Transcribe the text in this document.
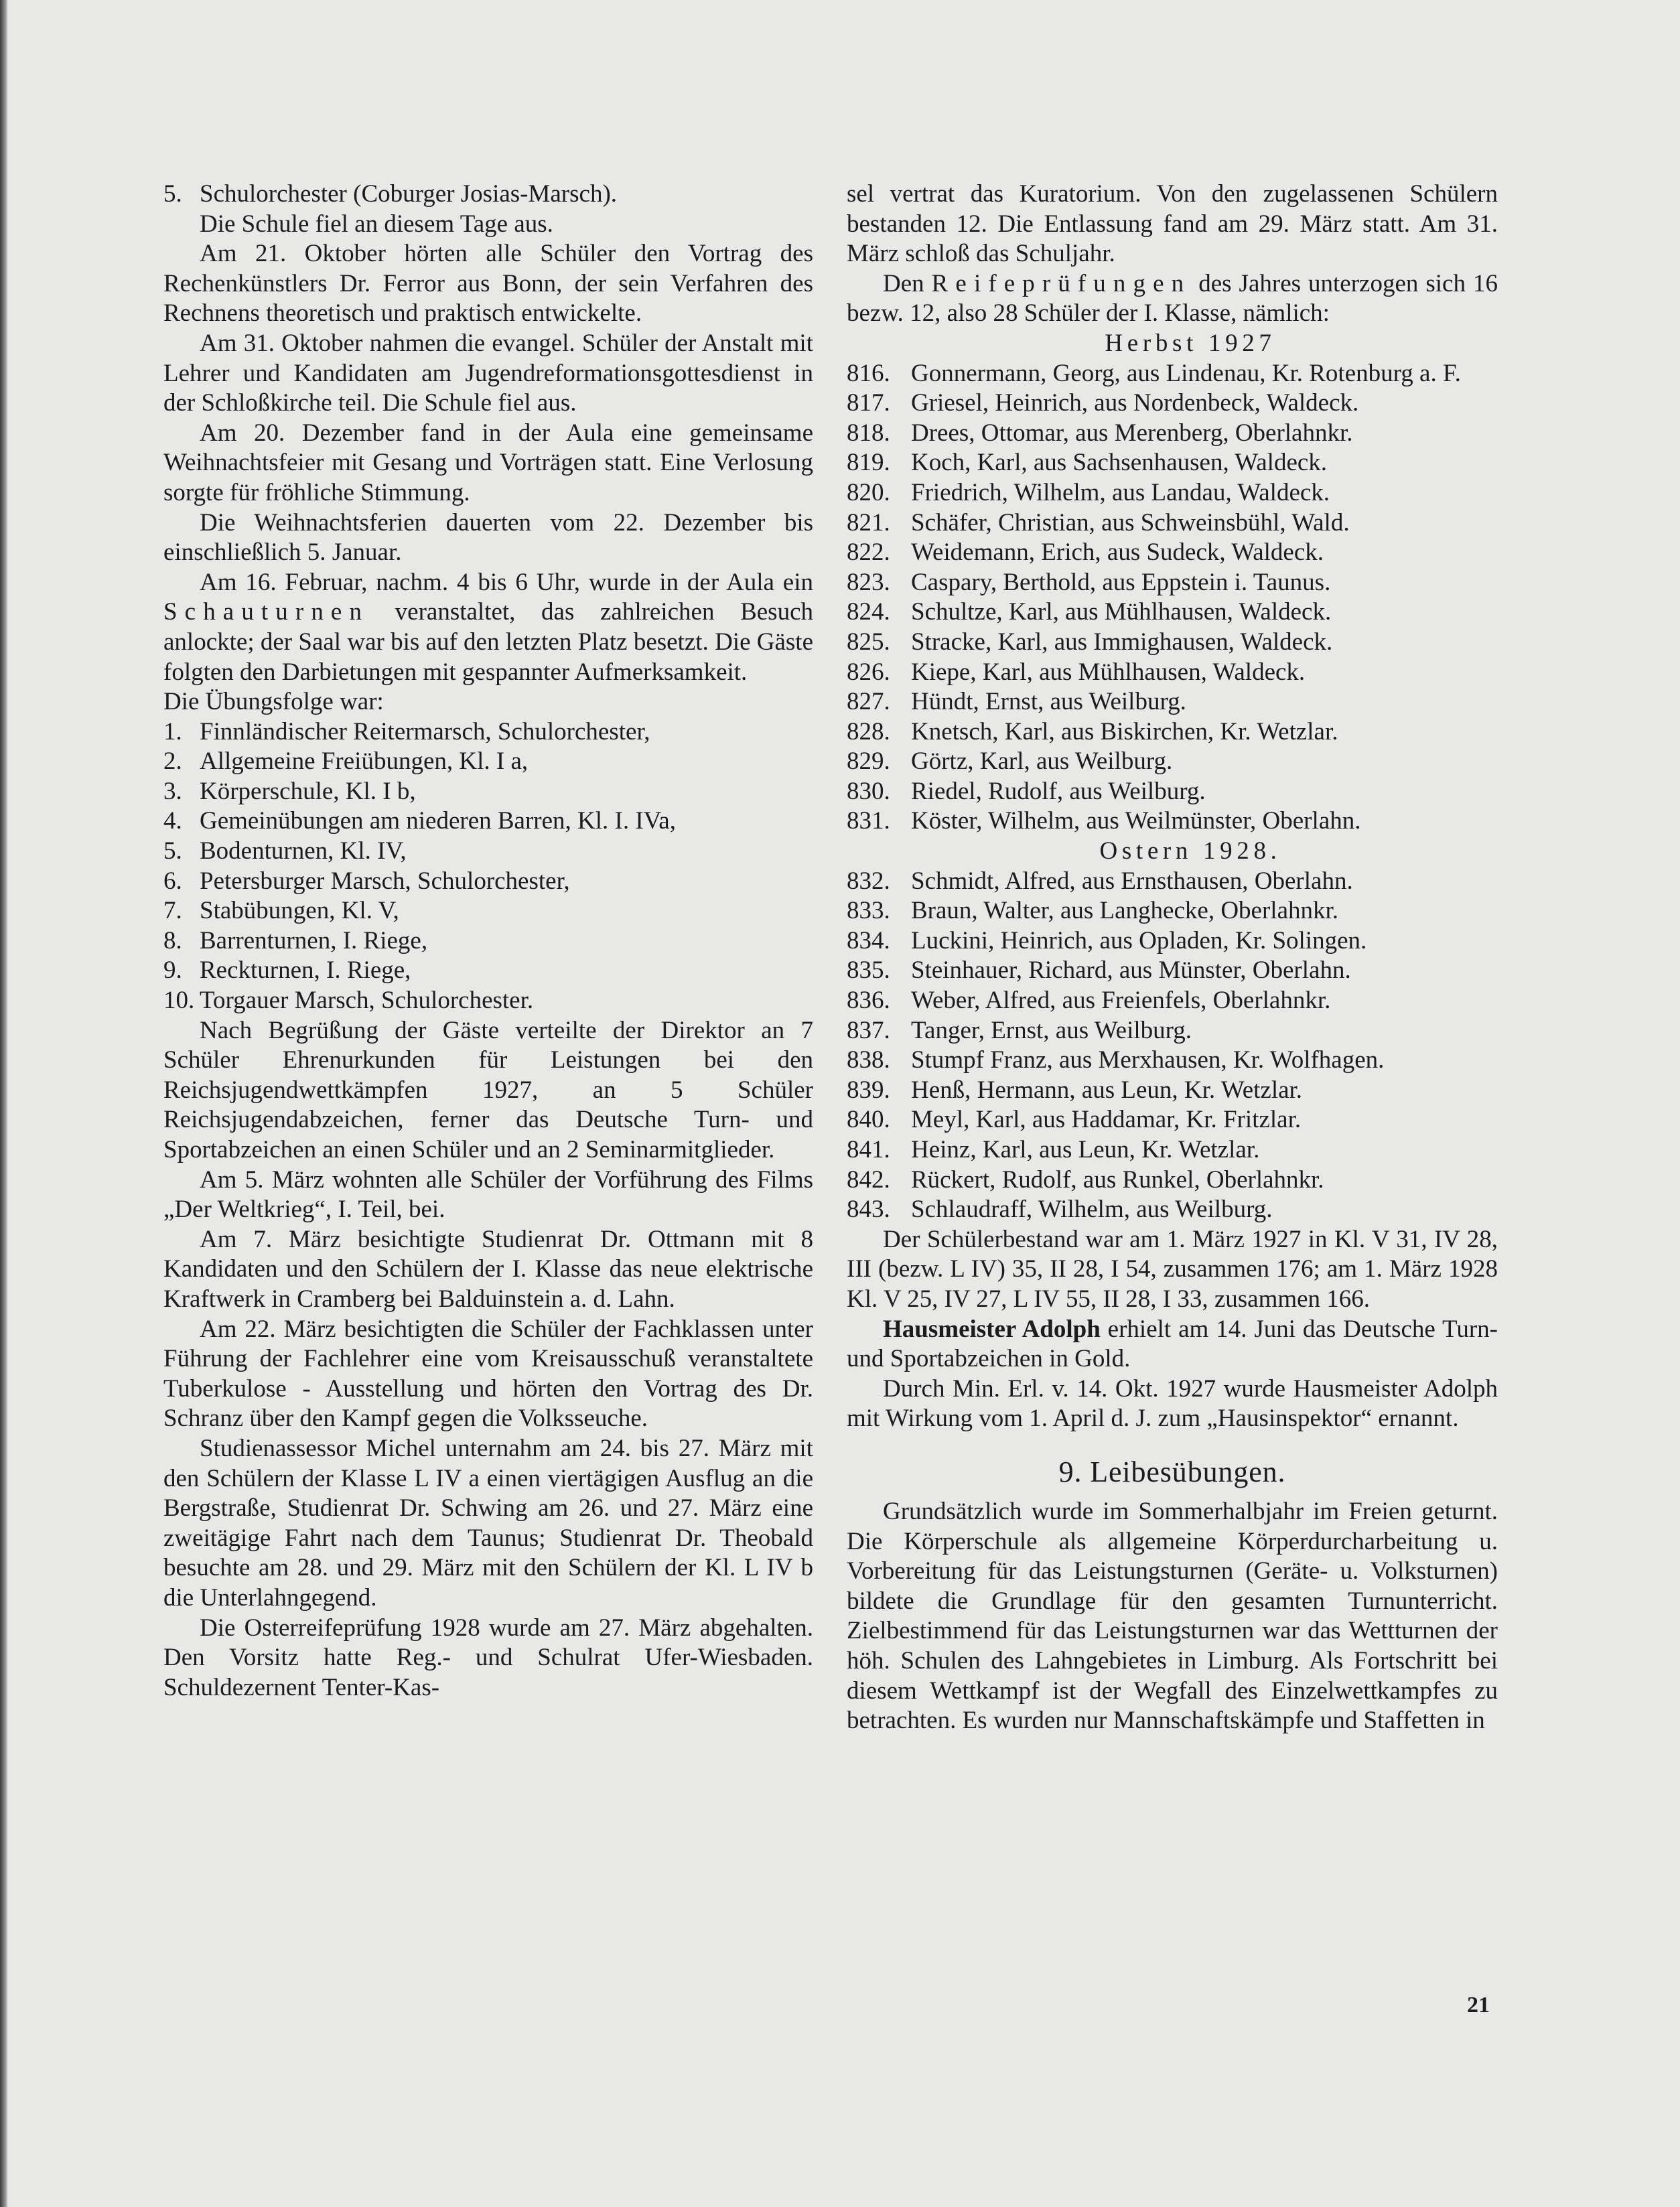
5. Schulorchester (Coburger Josias-Marsch).

Die Schule fiel an diesem Tage aus.

Am 21. Oktober hörten alle Schüler den Vortrag des Rechenkünstlers Dr. Ferror aus Bonn, der sein Verfahren des Rechnens theoretisch und praktisch entwickelte.

Am 31. Oktober nahmen die evangel. Schüler der Anstalt mit Lehrer und Kandidaten am Jugendreformationsgottesdienst in der Schloßkirche teil. Die Schule fiel aus.

Am 20. Dezember fand in der Aula eine gemeinsame Weihnachtsfeier mit Gesang und Vorträgen statt. Eine Verlosung sorgte für fröhliche Stimmung.

Die Weihnachtsferien dauerten vom 22. Dezember bis einschließlich 5. Januar.

Am 16. Februar, nachm. 4 bis 6 Uhr, wurde in der Aula ein Schauturnen veranstaltet, das zahlreichen Besuch anlockte; der Saal war bis auf den letzten Platz besetzt. Die Gäste folgten den Darbietungen mit gespannter Aufmerksamkeit.

Die Übungsfolge war:

1. Finnländischer Reitermarsch, Schulorchester,
2. Allgemeine Freiübungen, Kl. I a,
3. Körperschule, Kl. I b,
4. Gemeinübungen am niederen Barren, Kl. I. IVa,
5. Bodenturnen, Kl. IV,
6. Petersburger Marsch, Schulorchester,
7. Stabübungen, Kl. V,
8. Barrenturnen, I. Riege,
9. Reckturnen, I. Riege,
10. Torgauer Marsch, Schulorchester.

Nach Begrüßung der Gäste verteilte der Direktor an 7 Schüler Ehrenurkunden für Leistungen bei den Reichsjugendwettkämpfen 1927, an 5 Schüler Reichsjugendabzeichen, ferner das Deutsche Turn- und Sportabzeichen an einen Schüler und an 2 Seminarmitglieder.

Am 5. März wohnten alle Schüler der Vorführung des Films „Der Weltkrieg“, I. Teil, bei.

Am 7. März besichtigte Studienrat Dr. Ottmann mit 8 Kandidaten und den Schülern der I. Klasse das neue elektrische Kraftwerk in Cramberg bei Balduinstein a. d. Lahn.

Am 22. März besichtigten die Schüler der Fachklassen unter Führung der Fachlehrer eine vom Kreisausschuß veranstaltete Tuberkulose - Ausstellung und hörten den Vortrag des Dr. Schranz über den Kampf gegen die Volksseuche.

Studienassessor Michel unternahm am 24. bis 27. März mit den Schülern der Klasse L IV a einen viertägigen Ausflug an die Bergstraße, Studienrat Dr. Schwing am 26. und 27. März eine zweitägige Fahrt nach dem Taunus; Studienrat Dr. Theobald besuchte am 28. und 29. März mit den Schülern der Kl. L IV b die Unterlahngegend.

Die Osterreifeprüfung 1928 wurde am 27. März abgehalten. Den Vorsitz hatte Reg.- und Schulrat Ufer-Wiesbaden. Schuldezernent Tenter-Kas-

sel vertrat das Kuratorium. Von den zugelassenen Schülern bestanden 12. Die Entlassung fand am 29. März statt. Am 31. März schloß das Schuljahr.

Den Reifeprüfungen des Jahres unterzogen sich 16 bezw. 12, also 28 Schüler der I. Klasse, nämlich:

Herbst 1927

816. Gonnermann, Georg, aus Lindenau, Kr. Rotenburg a. F.
817. Griesel, Heinrich, aus Nordenbeck, Waldeck.
818. Drees, Ottomar, aus Merenberg, Oberlahnkr.
819. Koch, Karl, aus Sachsenhausen, Waldeck.
820. Friedrich, Wilhelm, aus Landau, Waldeck.
821. Schäfer, Christian, aus Schweinsbühl, Wald.
822. Weidemann, Erich, aus Sudeck, Waldeck.
823. Caspary, Berthold, aus Eppstein i. Taunus.
824. Schultze, Karl, aus Mühlhausen, Waldeck.
825. Stracke, Karl, aus Immighausen, Waldeck.
826. Kiepe, Karl, aus Mühlhausen, Waldeck.
827. Hündt, Ernst, aus Weilburg.
828. Knetsch, Karl, aus Biskirchen, Kr. Wetzlar.
829. Görtz, Karl, aus Weilburg.
830. Riedel, Rudolf, aus Weilburg.
831. Köster, Wilhelm, aus Weilmünster, Oberlahn.

Ostern 1928.

832. Schmidt, Alfred, aus Ernsthausen, Oberlahn.
833. Braun, Walter, aus Langhecke, Oberlahnkr.
834. Luckini, Heinrich, aus Opladen, Kr. Solingen.
835. Steinhauer, Richard, aus Münster, Oberlahn.
836. Weber, Alfred, aus Freienfels, Oberlahnkr.
837. Tanger, Ernst, aus Weilburg.
838. Stumpf Franz, aus Merxhausen, Kr. Wolfhagen.
839. Henß, Hermann, aus Leun, Kr. Wetzlar.
840. Meyl, Karl, aus Haddamar, Kr. Fritzlar.
841. Heinz, Karl, aus Leun, Kr. Wetzlar.
842. Rückert, Rudolf, aus Runkel, Oberlahnkr.
843. Schlaudraff, Wilhelm, aus Weilburg.

Der Schülerbestand war am 1. März 1927 in Kl. V 31, IV 28, III (bezw. L IV) 35, II 28, I 54, zusammen 176; am 1. März 1928 Kl. V 25, IV 27, L IV 55, II 28, I 33, zusammen 166.

Hausmeister Adolph erhielt am 14. Juni das Deutsche Turn- und Sportabzeichen in Gold.

Durch Min. Erl. v. 14. Okt. 1927 wurde Hausmeister Adolph mit Wirkung vom 1. April d. J. zum „Hausinspektor“ ernannt.

9. Leibesübungen.

Grundsätzlich wurde im Sommerhalbjahr im Freien geturnt. Die Körperschule als allgemeine Körperdurcharbeitung u. Vorbereitung für das Leistungsturnen (Geräte- u. Volksturnen) bildete die Grundlage für den gesamten Turnunterricht. Zielbestimmend für das Leistungsturnen war das Wettturnen der höh. Schulen des Lahngebietes in Limburg. Als Fortschritt bei diesem Wettkampf ist der Wegfall des Einzelwettkampfes zu betrachten. Es wurden nur Mannschaftskämpfe und Staffetten in

21
